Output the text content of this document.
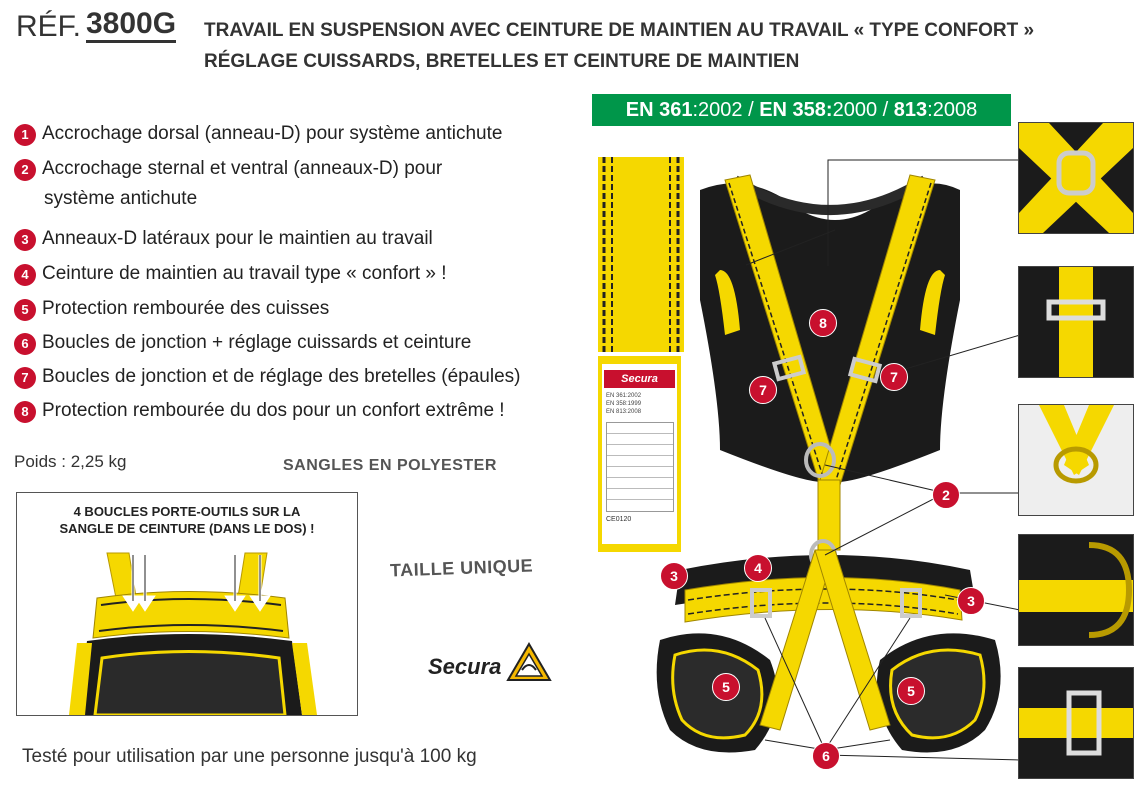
RÉF. 3800G TRAVAIL EN SUSPENSION AVEC CEINTURE DE MAINTIEN AU TRAVAIL « TYPE CONFORT »
RÉGLAGE CUISSARDS, BRETELLES ET CEINTURE DE MAINTIEN
EN 361:2002 / EN 358:2000 / 813:2008
1 Accrochage dorsal (anneau-D) pour système antichute
2 Accrochage sternal et ventral (anneaux-D) pour
système antichute
3 Anneaux-D latéraux pour le maintien au travail
4 Ceinture de maintien au travail type « confort » !
5 Protection rembourée des cuisses
6 Boucles de jonction + réglage cuissards et ceinture
7 Boucles de jonction et de réglage des bretelles (épaules)
8 Protection rembourée du dos pour un confort extrême !
Poids : 2,25 kg	SANGLES EN POLYESTER
TAILLE UNIQUE
4 BOUCLES PORTE-OUTILS SUR LA
SANGLE DE CEINTURE (DANS LE DOS) !
Secura
Testé pour utilisation par une personne jusqu'à 100 kg
Secura
EN 361:2002
EN 358:1999
EN 813:2008
CE0120
8
7
7
2
4
3
3
5	5
6
